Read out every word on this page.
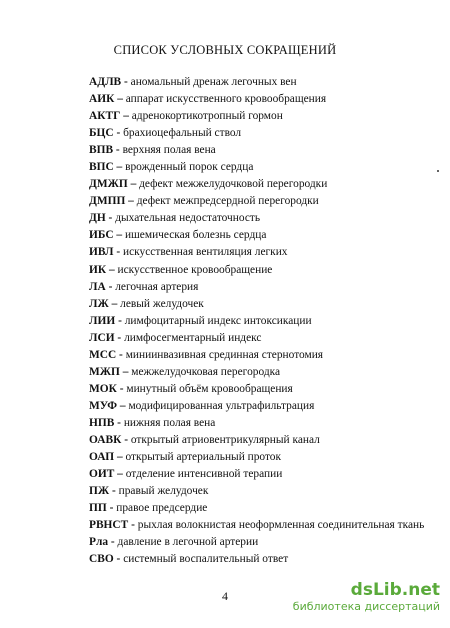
СПИСОК УСЛОВНЫХ СОКРАЩЕНИЙ
АДЛВ - аномальный дренаж легочных вен
АИК – аппарат искусственного кровообращения
АКТГ – адренокортикотропный гормон
БЦС - брахиоцефальный ствол
ВПВ - верхняя полая вена
ВПС – врожденный порок сердца
ДМЖП – дефект межжелудочковой перегородки
ДМПП – дефект межпредсердной перегородки
ДН - дыхательная недостаточность
ИБС – ишемическая болезнь сердца
ИВЛ - искусственная вентиляция легких
ИК – искусственное кровообращение
ЛА - легочная артерия
ЛЖ – левый желудочек
ЛИИ - лимфоцитарный индекс интоксикации
ЛСИ - лимфосегментарный индекс
МСС - миниинвазивная срединная стернотомия
МЖП – межжелудочковая перегородка
МОК - минутный объём кровообращения
МУФ – модифицированная ультрафильтрация
НПВ - нижняя полая вена
ОАВК - открытый атриовентрикулярный канал
ОАП – открытый артериальный проток
ОИТ – отделение интенсивной терапии
ПЖ - правый желудочек
ПП - правое предсердие
РВНСТ - рыхлая волокнистая неоформленная соединительная ткань
Рла - давление в легочной артерии
СВО - системный воспалительный ответ
4	dsLib.net
библиотека диссертаций
